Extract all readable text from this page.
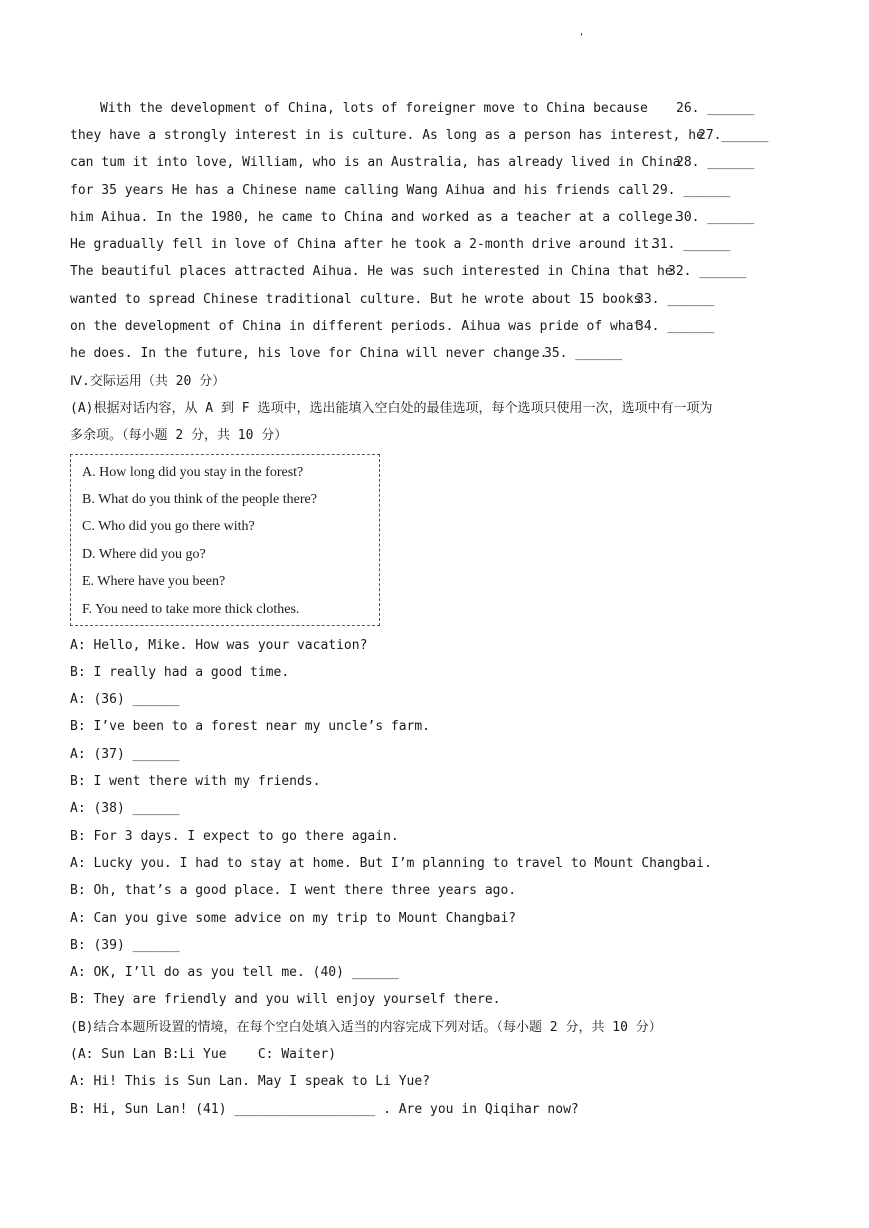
'
With the development of China, lots of foreigner move to China because 26. ______
they have a strongly interest in is culture. As long as a person has interest, he
27.______
can tum it into love, William, who is an Australia, has already lived in China
28. ______
for 35 years He has a Chinese name calling Wang Aihua and his friends call 29. ______
him Aihua. In the 1980, he came to China and worked as a teacher at a college.
30. ______
He gradually fell in love of China after he took a 2-month drive around it.
31. ______
The beautiful places attracted Aihua. He was such interested in China that he
32. ______
wanted to spread Chinese traditional culture. But he wrote about 15 books
33. ______
on the development of China in different periods. Aihua was pride of what
34. ______
he does. In the future, his love for China will never change.
35. ______
Ⅳ.交际运用（共 20 分）
(A)根据对话内容，从 A 到 F 选项中，选出能填入空白处的最佳选项，每个选项只使用一次，选项中有一项为
多余项。（每小题 2 分，共 10 分）
A. How long did you stay in the forest?
B. What do you think of the people there?
C. Who did you go there with?
D. Where did you go?
E. Where have you been?
F. You need to take more thick clothes.
A: Hello, Mike. How was your vacation?
B: I really had a good time.
A: (36) ______
B: I’ve been to a forest near my uncle’s farm.
A: (37) ______
B: I went there with my friends.
A: (38) ______
B: For 3 days. I expect to go there again.
A: Lucky you. I had to stay at home. But I’m planning to travel to Mount Changbai.
B: Oh, that’s a good place. I went there three years ago.
A: Can you give some advice on my trip to Mount Changbai?
B: (39) ______
A: OK, I’ll do as you tell me. (40) ______
B: They are friendly and you will enjoy yourself there.
(B)结合本题所设置的情境，在每个空白处填入适当的内容完成下列对话。（每小题 2 分，共 10 分）
(A: Sun Lan B:Li Yue    C: Waiter)
A: Hi! This is Sun Lan. May I speak to Li Yue?
B: Hi, Sun Lan! (41) __________________ . Are you in Qiqihar now?
